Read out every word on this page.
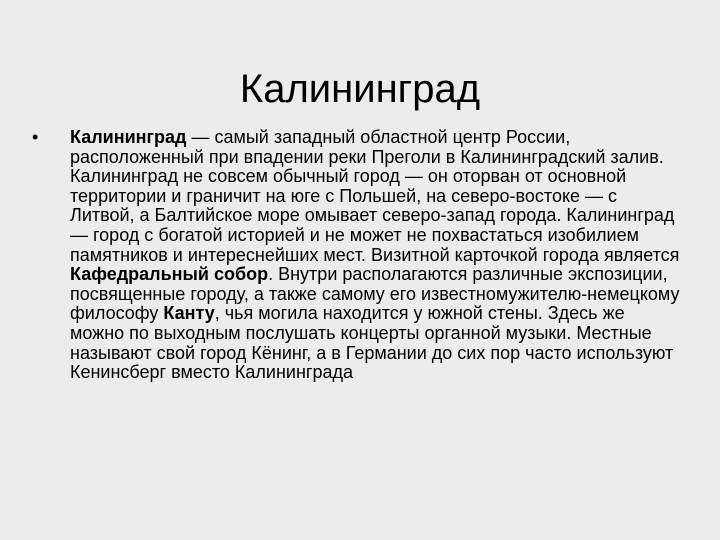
Калининград
• Калининград — самый западный областной центр России, расположенный при впадении реки Преголи в Калининградский залив. Калининград не совсем обычный город — он оторван от основной территории и граничит на юге с Польшей, на северо-востоке — с Литвой, а Балтийское море омывает северо-запад города. Калининград — город с богатой историей и не может не похвастаться изобилием памятников и интереснейших мест. Визитной карточкой города является Кафедральный собор. Внутри располагаются различные экспозиции, посвященные городу, а также самому его известномужителю-немецкому философу Канту, чья могила находится у южной стены. Здесь же можно по выходным послушать концерты органной музыки. Местные называют свой город Кёнинг, а в Германии до сих пор часто используют Кенинсберг вместо Калининграда
